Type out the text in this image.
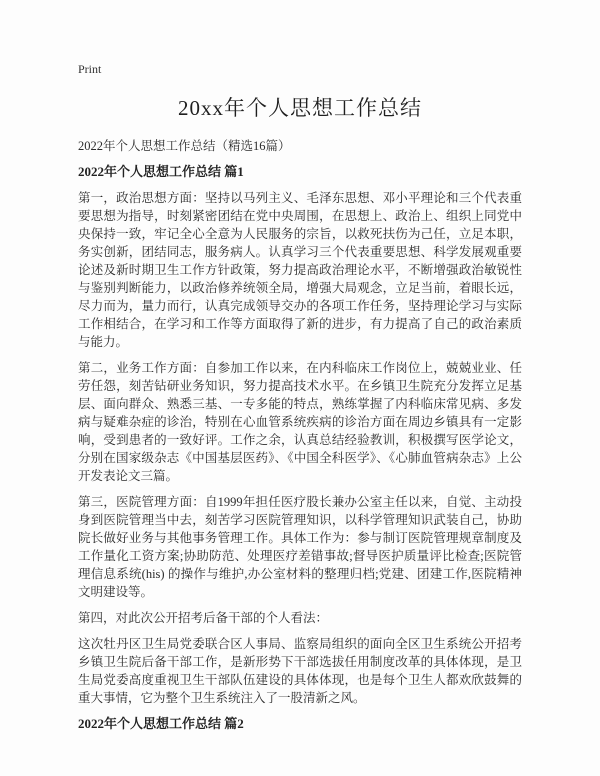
Print
20xx年个人思想工作总结

2022年个人思想工作总结（精选16篇）

2022年个人思想工作总结 篇1

第一，政治思想方面：坚持以马列主义、毛泽东思想、邓小平理论和三个代表重要思想为指导，时刻紧密团结在党中央周围，在思想上、政治上、组织上同党中央保持一致，牢记全心全意为人民服务的宗旨，以救死扶伤为己任，立足本职，务实创新，团结同志，服务病人。认真学习三个代表重要思想、科学发展观重要论述及新时期卫生工作方针政策，努力提高政治理论水平，不断增强政治敏锐性与鉴别判断能力，以政治修养统领全局，增强大局观念，立足当前，着眼长远，尽力而为，量力而行，认真完成领导交办的各项工作任务，坚持理论学习与实际工作相结合，在学习和工作等方面取得了新的进步，有力提高了自己的政治素质与能力。

第二，业务工作方面：自参加工作以来，在内科临床工作岗位上，兢兢业业、任劳任怨，刻苦钻研业务知识，努力提高技术水平。在乡镇卫生院充分发挥立足基层、面向群众、熟悉三基、一专多能的特点，熟练掌握了内科临床常见病、多发病与疑难杂症的诊治，特别在心血管系统疾病的诊治方面在周边乡镇具有一定影响，受到患者的一致好评。工作之余，认真总结经验教训，积极撰写医学论文，分别在国家级杂志《中国基层医药》、《中国全科医学》、《心肺血管病杂志》上公开发表论文三篇。

第三，医院管理方面：自1999年担任医疗股长兼办公室主任以来，自觉、主动投身到医院管理当中去，刻苦学习医院管理知识，以科学管理知识武装自己，协助院长做好业务与其他事务管理工作。具体工作为：参与制订医院管理规章制度及工作量化工资方案;协助防范、处理医疗差错事故;督导医护质量评比检查;医院管理信息系统(his) 的操作与维护,办公室材料的整理归档;党建、团建工作,医院精神文明建设等。

第四，对此次公开招考后备干部的个人看法：

这次牡丹区卫生局党委联合区人事局、监察局组织的面向全区卫生系统公开招考乡镇卫生院后备干部工作，是新形势下干部选拔任用制度改革的具体体现，是卫生局党委高度重视卫生干部队伍建设的具体体现，也是每个卫生人都欢欣鼓舞的重大事情，它为整个卫生系统注入了一股清新之风。

2022年个人思想工作总结 篇2
